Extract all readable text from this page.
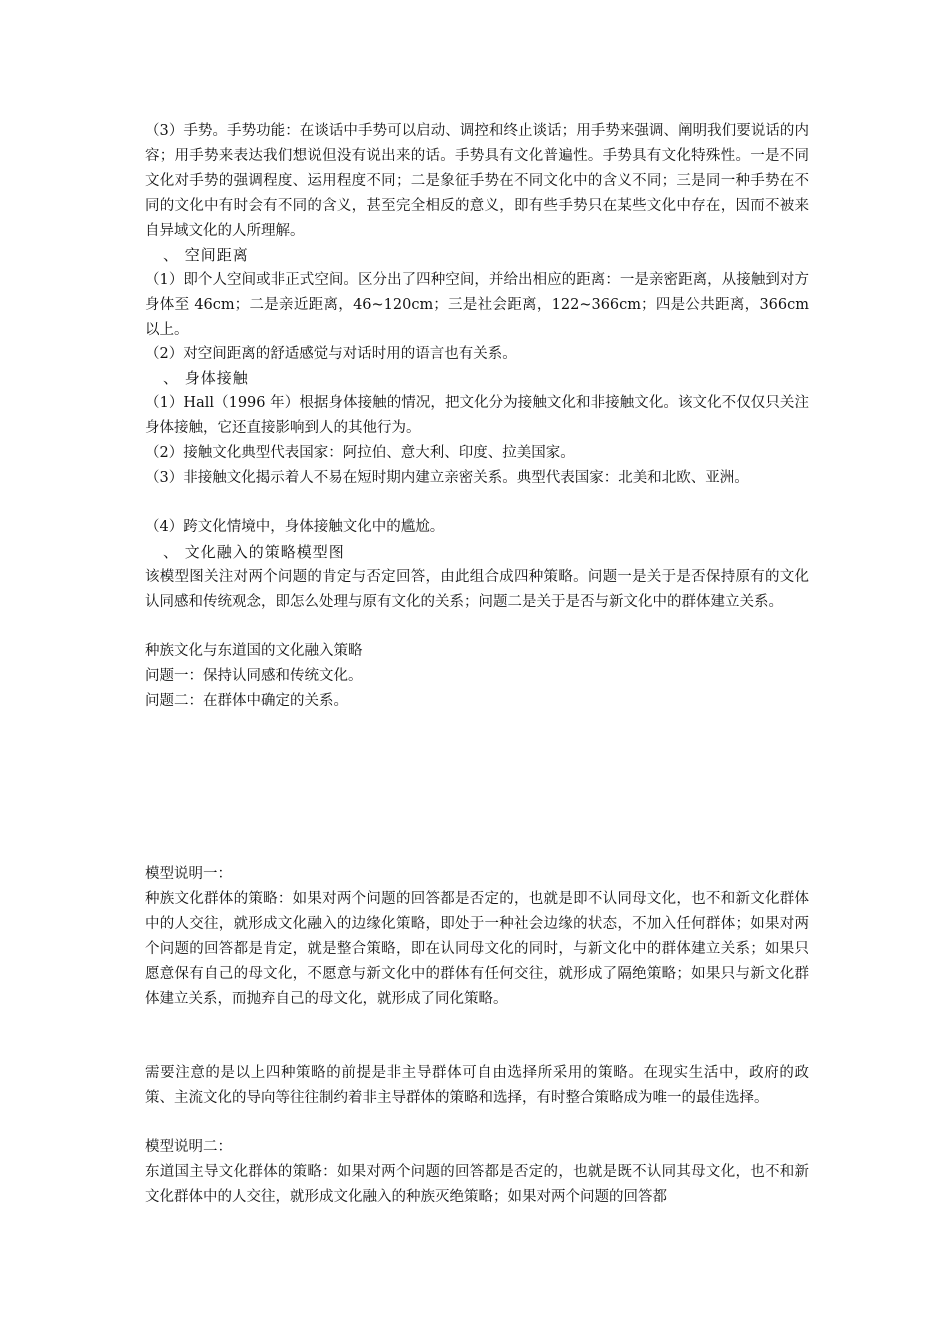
（3）手势。手势功能：在谈话中手势可以启动、调控和终止谈话；用手势来强调、阐明我们要说话的内容；用手势来表达我们想说但没有说出来的话。手势具有文化普遍性。手势具有文化特殊性。一是不同文化对手势的强调程度、运用程度不同；二是象征手势在不同文化中的含义不同；三是同一种手势在不同的文化中有时会有不同的含义，甚至完全相反的意义，即有些手势只在某些文化中存在，因而不被来自异域文化的人所理解。
、 空间距离
（1）即个人空间或非正式空间。区分出了四种空间，并给出相应的距离：一是亲密距离，从接触到对方身体至 46cm；二是亲近距离，46~120cm；三是社会距离，122~366cm；四是公共距离，366cm 以上。
（2）对空间距离的舒适感觉与对话时用的语言也有关系。
、 身体接触
（1）Hall（1996 年）根据身体接触的情况，把文化分为接触文化和非接触文化。该文化不仅仅只关注身体接触，它还直接影响到人的其他行为。
（2）接触文化典型代表国家：阿拉伯、意大利、印度、拉美国家。
（3）非接触文化揭示着人不易在短时期内建立亲密关系。典型代表国家：北美和北欧、亚洲。
（4）跨文化情境中，身体接触文化中的尴尬。
、 文化融入的策略模型图
该模型图关注对两个问题的肯定与否定回答，由此组合成四种策略。问题一是关于是否保持原有的文化认同感和传统观念，即怎么处理与原有文化的关系；问题二是关于是否与新文化中的群体建立关系。
种族文化与东道国的文化融入策略
问题一：保持认同感和传统文化。
问题二：在群体中确定的关系。
模型说明一：
种族文化群体的策略：如果对两个问题的回答都是否定的，也就是即不认同母文化，也不和新文化群体中的人交往，就形成文化融入的边缘化策略，即处于一种社会边缘的状态，不加入任何群体；如果对两个问题的回答都是肯定，就是整合策略，即在认同母文化的同时，与新文化中的群体建立关系；如果只愿意保有自己的母文化，不愿意与新文化中的群体有任何交往，就形成了隔绝策略；如果只与新文化群体建立关系，而抛弃自己的母文化，就形成了同化策略。
需要注意的是以上四种策略的前提是非主导群体可自由选择所采用的策略。在现实生活中，政府的政策、主流文化的导向等往往制约着非主导群体的策略和选择，有时整合策略成为唯一的最佳选择。
模型说明二：
东道国主导文化群体的策略：如果对两个问题的回答都是否定的，也就是既不认同其母文化，也不和新文化群体中的人交往，就形成文化融入的种族灭绝策略；如果对两个问题的回答都
